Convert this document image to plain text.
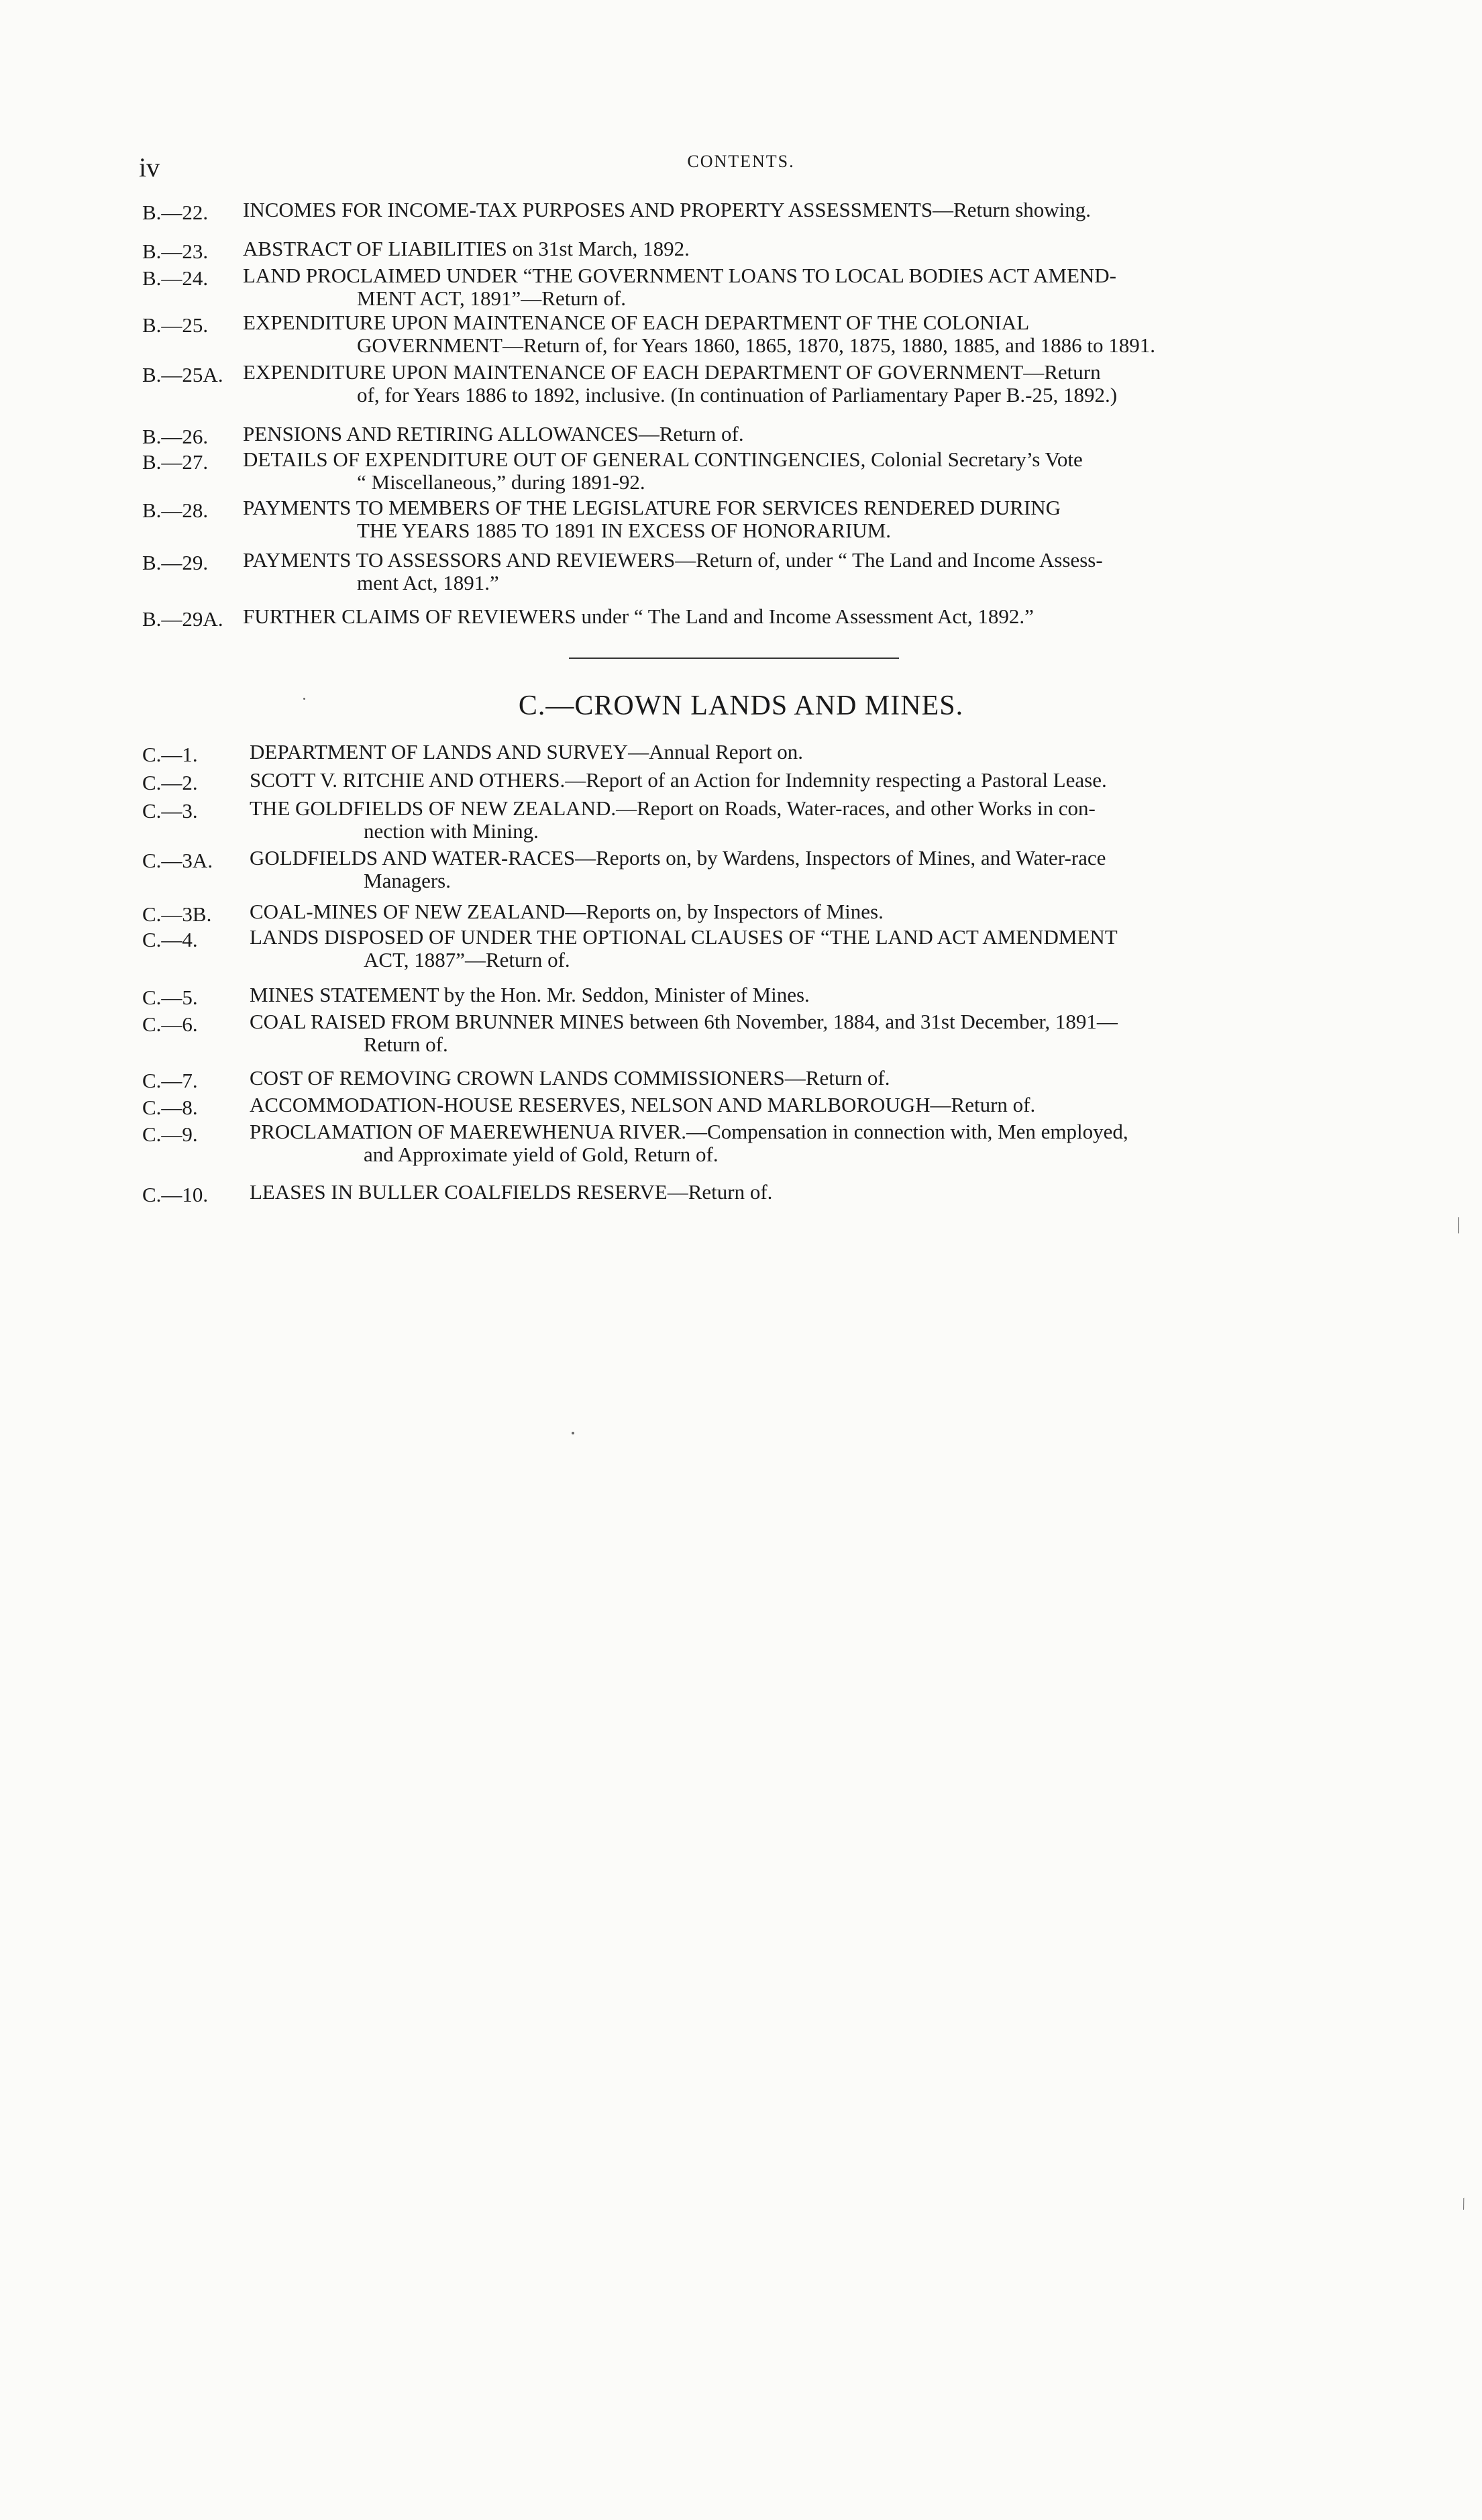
iv	CONTENTS.
B.—22.	INCOMES FOR INCOME-TAX PURPOSES AND PROPERTY ASSESSMENTS—Return showing.
B.—23.	ABSTRACT OF LIABILITIES on 31st March, 1892.
B.—24.	LAND PROCLAIMED UNDER “THE GOVERNMENT LOANS TO LOCAL BODIES ACT AMEND-
MENT ACT, 1891”—Return of.
B.—25.	EXPENDITURE UPON MAINTENANCE OF EACH DEPARTMENT OF THE COLONIAL
GOVERNMENT—Return of, for Years 1860, 1865, 1870, 1875, 1880, 1885, and 1886 to 1891.
B.—25A. EXPENDITURE UPON MAINTENANCE OF EACH DEPARTMENT OF GOVERNMENT—Return
of, for Years 1886 to 1892, inclusive. (In continuation of Parliamentary Paper B.-25, 1892.)
B.—26.	PENSIONS AND RETIRING ALLOWANCES—Return of.
B.—27.	DETAILS OF EXPENDITURE OUT OF GENERAL CONTINGENCIES, Colonial Secretary’s Vote
“ Miscellaneous,” during 1891-92.
B.—28.	PAYMENTS TO MEMBERS OF THE LEGISLATURE FOR SERVICES RENDERED DURING
THE YEARS 1885 TO 1891 IN EXCESS OF HONORARIUM.
B.—29.	PAYMENTS TO ASSESSORS AND REVIEWERS—Return of, under “ The Land and Income Assess-
ment Act, 1891.”
B.—29A. FURTHER CLAIMS OF REVIEWERS under “ The Land and Income Assessment Act, 1892.”
C.—CROWN LANDS AND MINES.
C.—1.	DEPARTMENT OF LANDS AND SURVEY—Annual Report on.
C.—2.	SCOTT V. RITCHIE AND OTHERS.—Report of an Action for Indemnity respecting a Pastoral Lease.
C.—3.	THE GOLDFIELDS OF NEW ZEALAND.—Report on Roads, Water-races, and other Works in con-
nection with Mining.
C.—3A.	GOLDFIELDS AND WATER-RACES—Reports on, by Wardens, Inspectors of Mines, and Water-race
Managers.
C.—3B.	COAL-MINES OF NEW ZEALAND—Reports on, by Inspectors of Mines.
C.—4.	LANDS DISPOSED OF UNDER THE OPTIONAL CLAUSES OF “THE LAND ACT AMENDMENT
ACT, 1887”—Return of.
C.—5.	MINES STATEMENT by the Hon. Mr. Seddon, Minister of Mines.
C.—6.	COAL RAISED FROM BRUNNER MINES between 6th November, 1884, and 31st December, 1891—
Return of.
C.—7.	COST OF REMOVING CROWN LANDS COMMISSIONERS—Return of.
C.—8.	ACCOMMODATION-HOUSE RESERVES, NELSON AND MARLBOROUGH—Return of.
C.—9.	PROCLAMATION OF MAEREWHENUA RIVER.—Compensation in connection with, Men employed,
and Approximate yield of Gold, Return of.
C.—10.	LEASES IN BULLER COALFIELDS RESERVE—Return of.
⁄
⁄
